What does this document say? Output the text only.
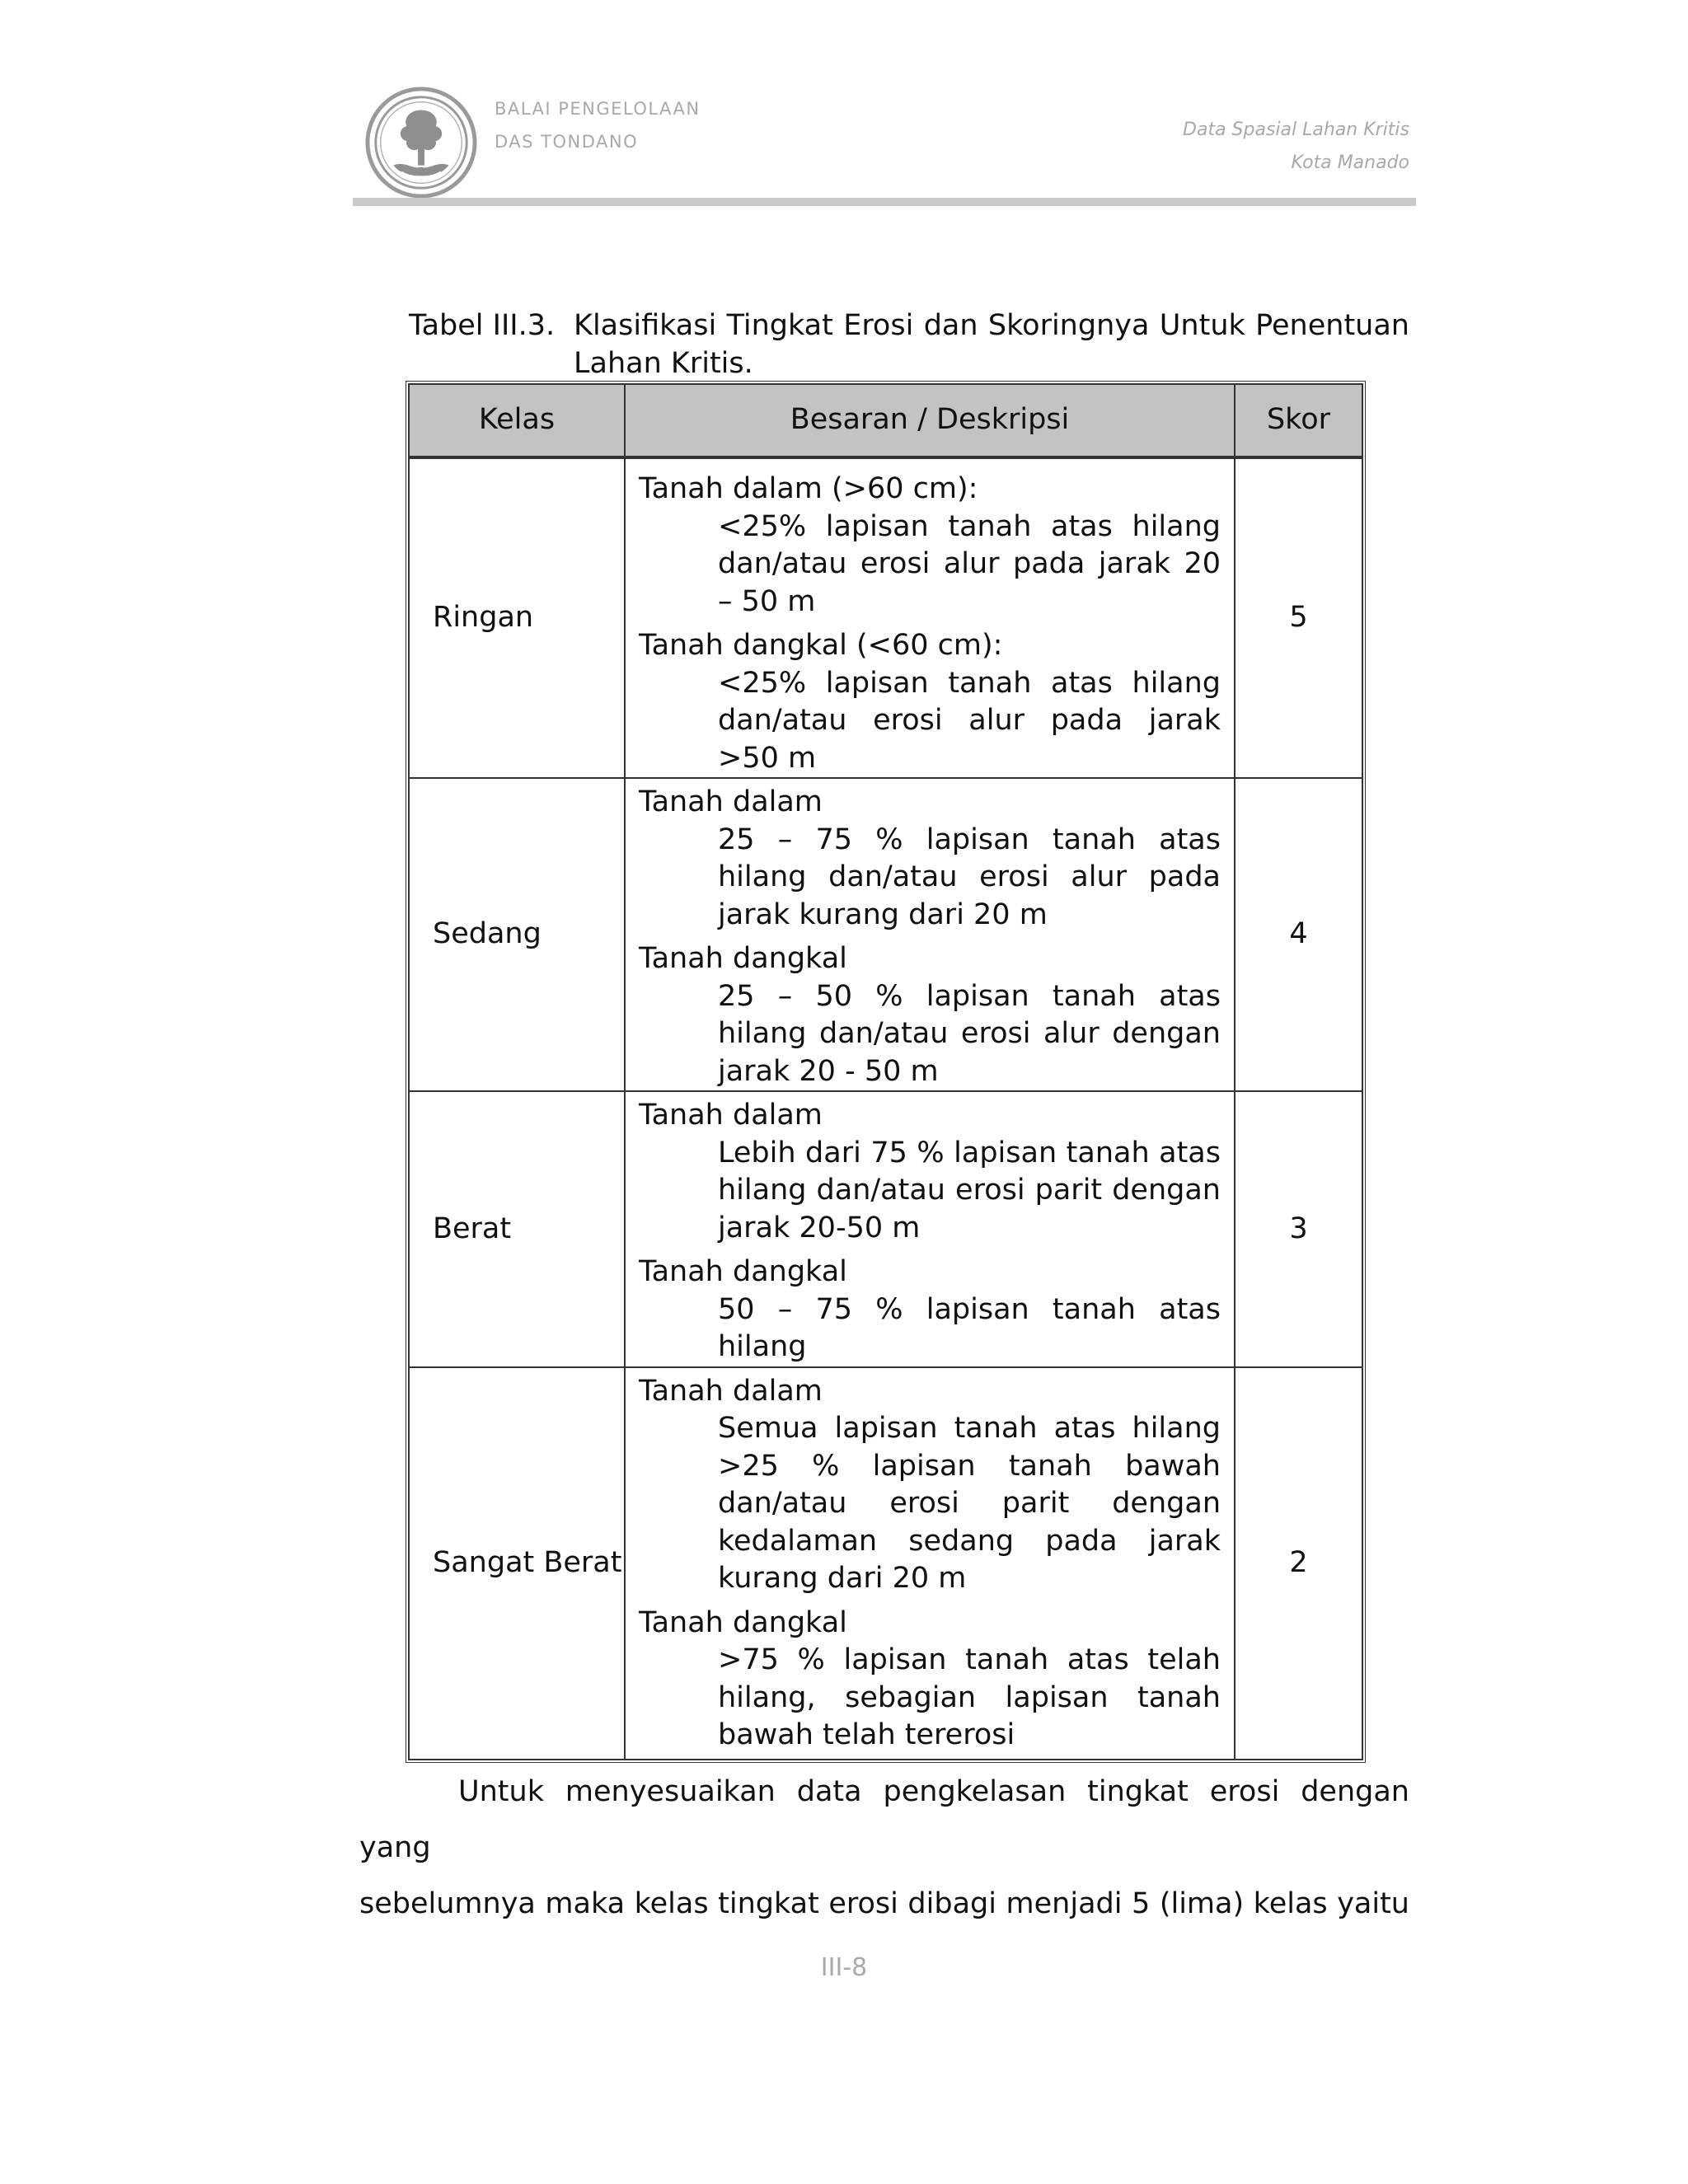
BALAI PENGELOLAAN
DAS TONDANO
Data Spasial Lahan Kritis
Kota Manado
Tabel III.3. Klasifikasi Tingkat Erosi dan Skoringnya Untuk Penentuan
Lahan Kritis.
Kelas	Besaran / Deskripsi	Skor
Ringan	Tanah dalam (>60 cm):
<25% lapisan tanah atas hilang dan/atau erosi alur pada jarak 20 – 50 m
Tanah dangkal (<60 cm):
<25% lapisan tanah atas hilang dan/atau erosi alur pada jarak >50 m	5
Sedang	Tanah dalam
25 – 75 % lapisan tanah atas hilang dan/atau erosi alur pada jarak kurang dari 20 m
Tanah dangkal
25 – 50 % lapisan tanah atas hilang dan/atau erosi alur dengan jarak 20 - 50 m	4
Berat	Tanah dalam
Lebih dari 75 % lapisan tanah atas hilang dan/atau erosi parit dengan jarak 20-50 m
Tanah dangkal
50 – 75 % lapisan tanah atas hilang	3
Sangat Berat	Tanah dalam
Semua lapisan tanah atas hilang >25 % lapisan tanah bawah dan/atau erosi parit dengan kedalaman sedang pada jarak kurang dari 20 m
Tanah dangkal
>75 % lapisan tanah atas telah hilang, sebagian lapisan tanah bawah telah tererosi	2

Untuk menyesuaikan data pengkelasan tingkat erosi dengan yang

sebelumnya maka kelas tingkat erosi dibagi menjadi 5 (lima) kelas yaitu

III-8
